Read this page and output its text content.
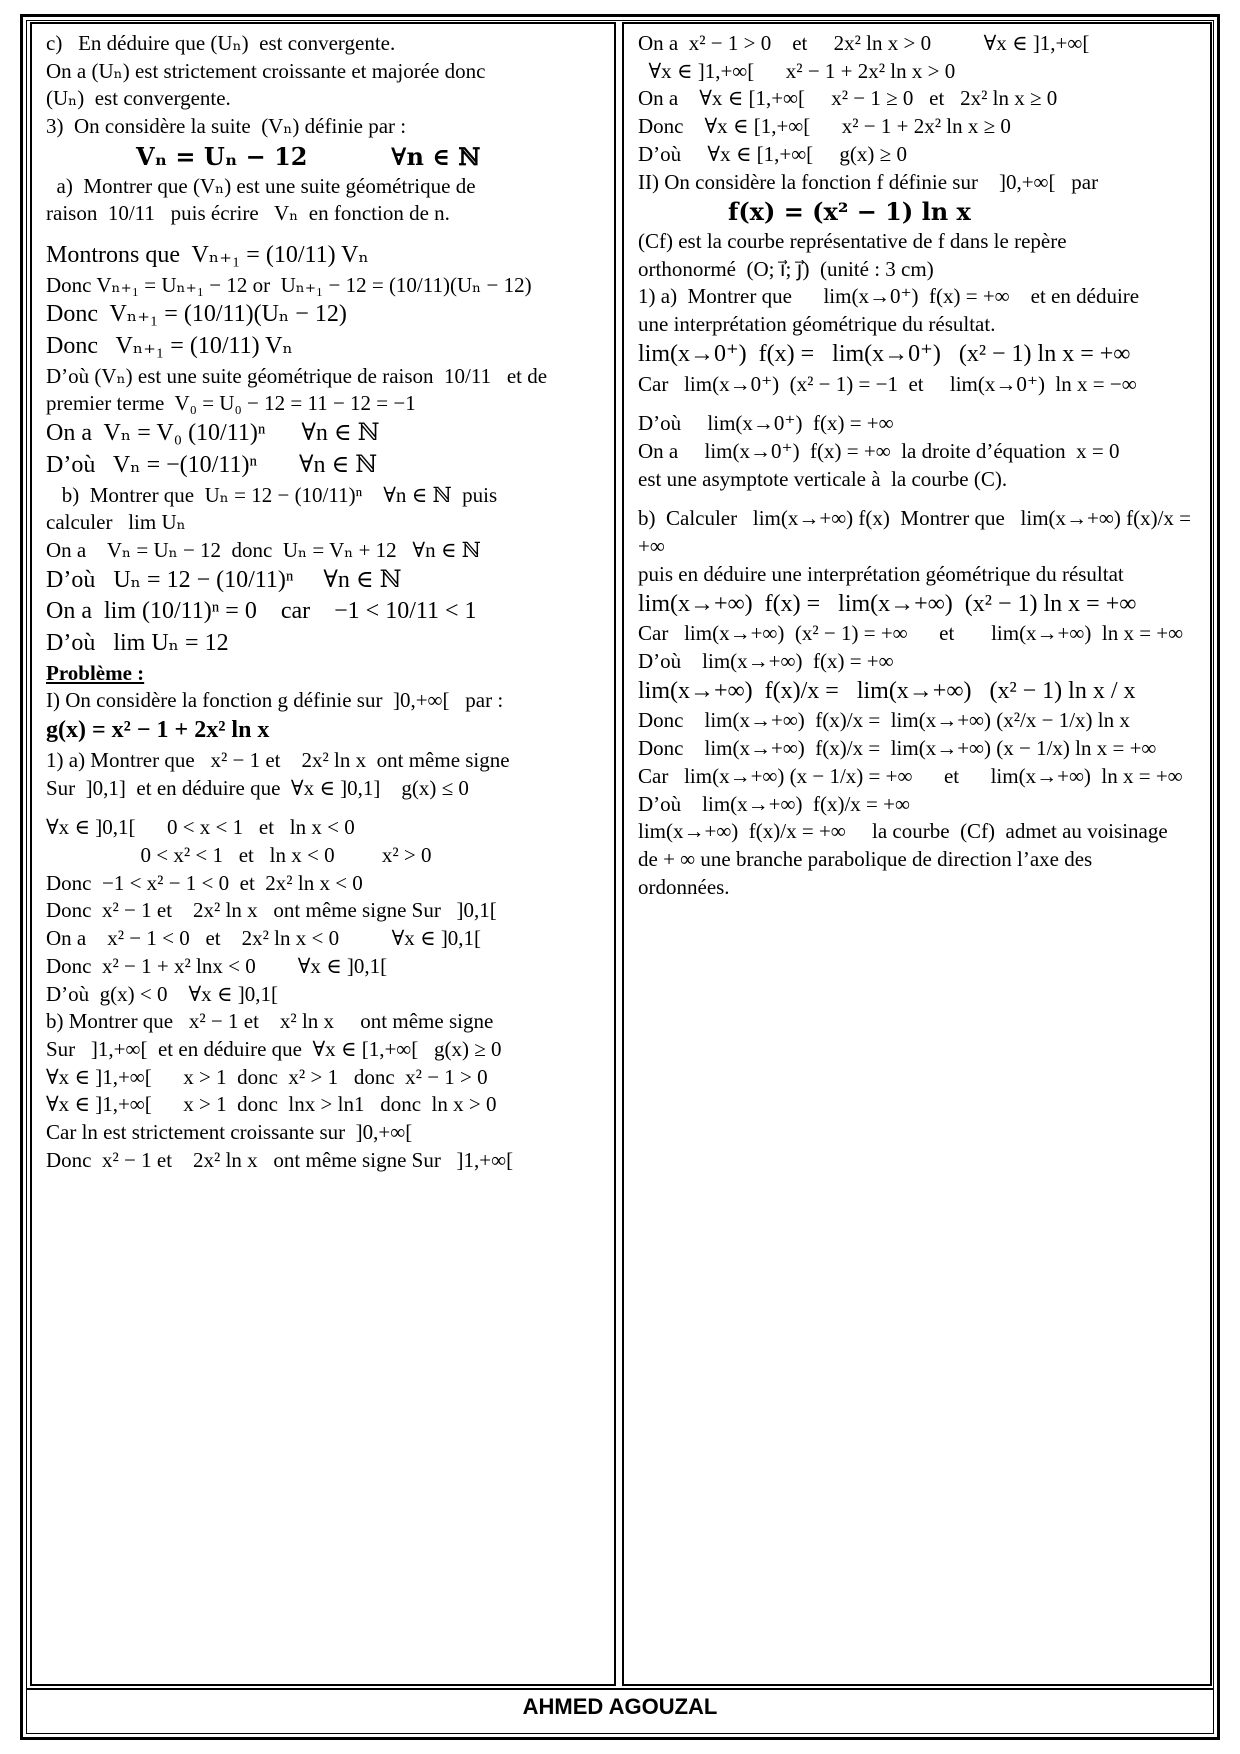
c)   En déduire que (Uₙ)  est convergente.

On a (Uₙ) est strictement croissante et majorée donc

(Uₙ)  est convergente.

3)  On considère la suite  (Vₙ) définie par :

Vₙ = Uₙ − 12          ∀n ∈ ℕ

a)  Montrer que (Vₙ) est une suite géométrique de

raison  10/11   puis écrire   Vₙ  en fonction de n.

Montrons que  Vₙ₊₁ = (10/11) Vₙ

Donc Vₙ₊₁ = Uₙ₊₁ − 12 or  Uₙ₊₁ − 12 = (10/11)(Uₙ − 12)

Donc  Vₙ₊₁ = (10/11)(Uₙ − 12)

Donc   Vₙ₊₁ = (10/11) Vₙ

D’où (Vₙ) est une suite géométrique de raison  10/11   et de

premier terme  V₀ = U₀ − 12 = 11 − 12 = −1

On a  Vₙ = V₀ (10/11)ⁿ      ∀n ∈ ℕ

D’où   Vₙ = −(10/11)ⁿ       ∀n ∈ ℕ

b)  Montrer que  Uₙ = 12 − (10/11)ⁿ    ∀n ∈ ℕ  puis

calculer   lim Uₙ

On a    Vₙ = Uₙ − 12  donc  Uₙ = Vₙ + 12   ∀n ∈ ℕ

D’où   Uₙ = 12 − (10/11)ⁿ     ∀n ∈ ℕ

On a  lim (10/11)ⁿ = 0    car    −1 < 10/11 < 1

D’où   lim Uₙ = 12

Problème :

I) On considère la fonction g définie sur  ]0,+∞[   par :

g(x) = x² − 1 + 2x² ln x

1) a) Montrer que   x² − 1 et    2x² ln x  ont même signe

Sur  ]0,1]  et en déduire que  ∀x ∈ ]0,1]    g(x) ≤ 0

∀x ∈ ]0,1[      0 < x < 1   et   ln x < 0

0 < x² < 1   et   ln x < 0         x² > 0

Donc  −1 < x² − 1 < 0  et  2x² ln x < 0

Donc  x² − 1 et    2x² ln x   ont même signe Sur   ]0,1[

On a    x² − 1 < 0   et    2x² ln x < 0          ∀x ∈ ]0,1[

Donc  x² − 1 + x² lnx < 0        ∀x ∈ ]0,1[

D’où  g(x) < 0    ∀x ∈ ]0,1[

b) Montrer que   x² − 1 et    x² ln x     ont même signe

Sur   ]1,+∞[  et en déduire que  ∀x ∈ [1,+∞[   g(x) ≥ 0

∀x ∈ ]1,+∞[      x > 1  donc  x² > 1   donc  x² − 1 > 0

∀x ∈ ]1,+∞[      x > 1  donc  lnx > ln1   donc  ln x > 0

Car ln est strictement croissante sur  ]0,+∞[

Donc  x² − 1 et    2x² ln x   ont même signe Sur   ]1,+∞[

On a  x² − 1 > 0    et     2x² ln x > 0          ∀x ∈ ]1,+∞[

∀x ∈ ]1,+∞[      x² − 1 + 2x² ln x > 0

On a    ∀x ∈ [1,+∞[     x² − 1 ≥ 0   et   2x² ln x ≥ 0

Donc    ∀x ∈ [1,+∞[      x² − 1 + 2x² ln x ≥ 0

D’où     ∀x ∈ [1,+∞[     g(x) ≥ 0

II) On considère la fonction f définie sur    ]0,+∞[   par

f(x) = (x² − 1) ln x

(Cf) est la courbe représentative de f dans le repère

orthonormé  (O; i⃗; j⃗)  (unité : 3 cm)

1) a)  Montrer que      lim(x→0⁺)  f(x) = +∞    et en déduire

une interprétation géométrique du résultat.

lim(x→0⁺)  f(x) =   lim(x→0⁺)   (x² − 1) ln x = +∞

Car   lim(x→0⁺)  (x² − 1) = −1  et     lim(x→0⁺)  ln x = −∞

D’où     lim(x→0⁺)  f(x) = +∞

On a     lim(x→0⁺)  f(x) = +∞  la droite d’équation  x = 0

est une asymptote verticale à  la courbe (C).

b)  Calculer   lim(x→+∞) f(x)  Montrer que   lim(x→+∞) f(x)/x = +∞

puis en déduire une interprétation géométrique du résultat

lim(x→+∞)  f(x) =   lim(x→+∞)  (x² − 1) ln x = +∞

Car   lim(x→+∞)  (x² − 1) = +∞      et       lim(x→+∞)  ln x = +∞

D’où    lim(x→+∞)  f(x) = +∞

lim(x→+∞)  f(x)/x =   lim(x→+∞)   (x² − 1) ln x / x

Donc    lim(x→+∞)  f(x)/x =  lim(x→+∞) (x²/x − 1/x) ln x

Donc    lim(x→+∞)  f(x)/x =  lim(x→+∞) (x − 1/x) ln x = +∞

Car   lim(x→+∞) (x − 1/x) = +∞      et      lim(x→+∞)  ln x = +∞

D’où    lim(x→+∞)  f(x)/x = +∞

lim(x→+∞)  f(x)/x = +∞     la courbe  (Cf)  admet au voisinage

de + ∞ une branche parabolique de direction l’axe des

ordonnées.

AHMED AGOUZAL
